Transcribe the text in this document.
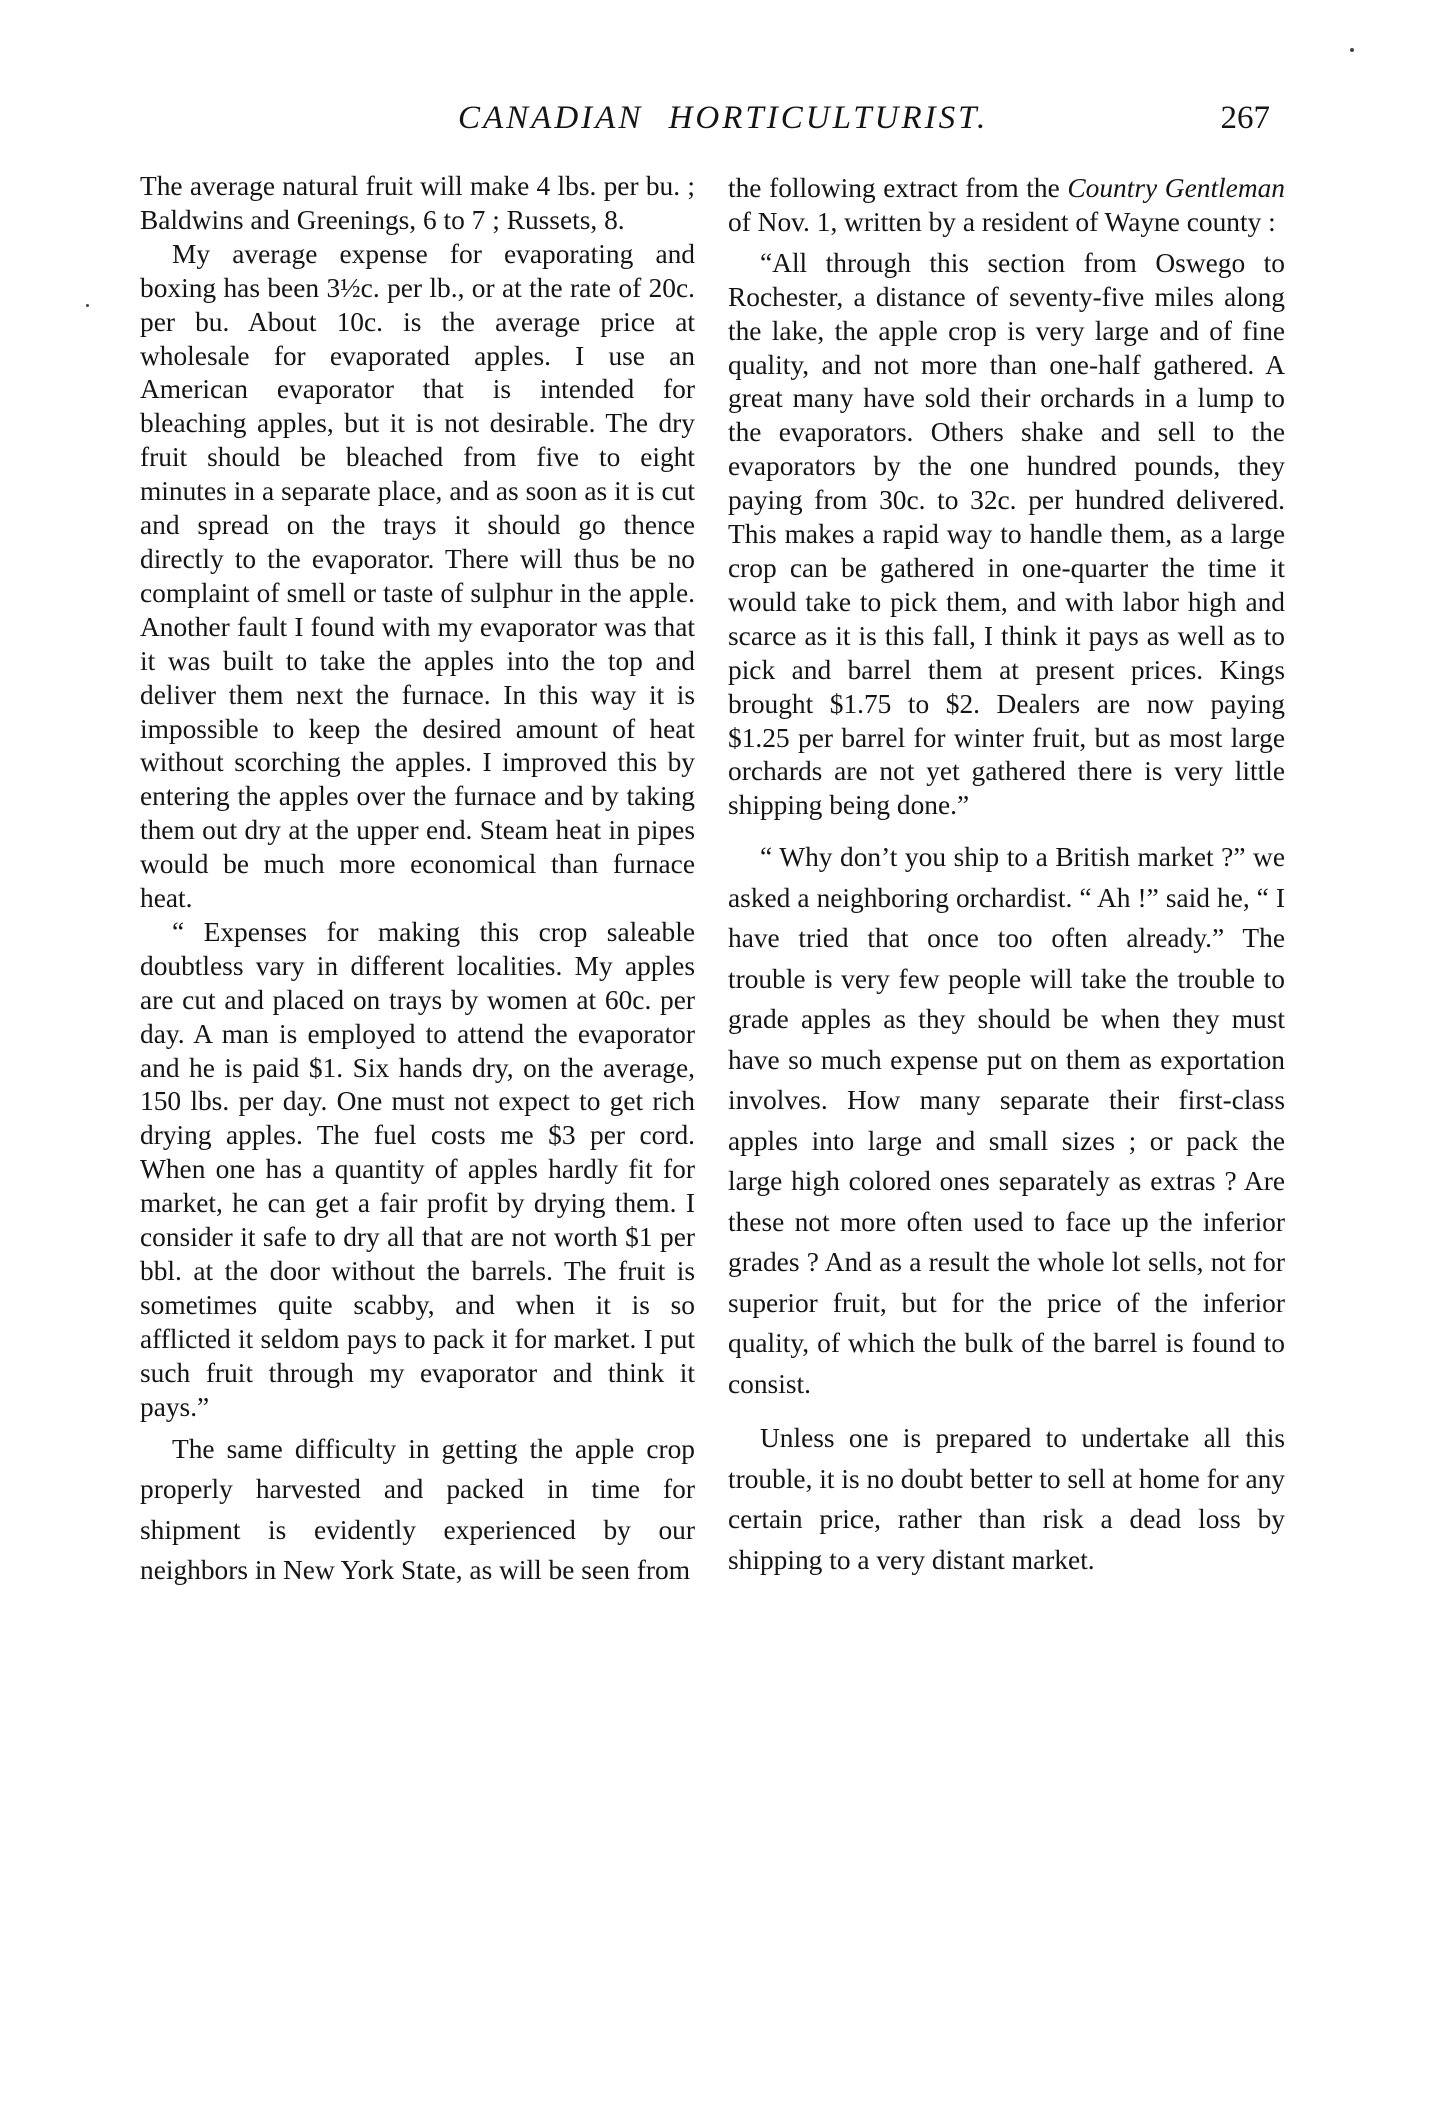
CANADIAN HORTICULTURIST.	267

The average natural fruit will make 4 lbs. per bu. ; Baldwins and Greenings, 6 to 7 ; Russets, 8.

My average expense for evaporating and boxing has been 3½c. per lb., or at the rate of 20c. per bu. About 10c. is the average price at wholesale for evaporated apples. I use an American evaporator that is intended for bleaching apples, but it is not desirable. The dry fruit should be bleached from five to eight minutes in a separate place, and as soon as it is cut and spread on the trays it should go thence directly to the evaporator. There will thus be no complaint of smell or taste of sulphur in the apple. Another fault I found with my evaporator was that it was built to take the apples into the top and deliver them next the furnace. In this way it is impossible to keep the desired amount of heat without scorching the apples. I improved this by entering the apples over the furnace and by taking them out dry at the upper end. Steam heat in pipes would be much more economical than furnace heat.

“ Expenses for making this crop saleable doubtless vary in different localities. My apples are cut and placed on trays by women at 60c. per day. A man is employed to attend the evaporator and he is paid $1. Six hands dry, on the average, 150 lbs. per day. One must not expect to get rich drying apples. The fuel costs me $3 per cord. When one has a quantity of apples hardly fit for market, he can get a fair profit by drying them. I consider it safe to dry all that are not worth $1 per bbl. at the door without the barrels. The fruit is sometimes quite scabby, and when it is so afflicted it seldom pays to pack it for market. I put such fruit through my evaporator and think it pays.”

The same difficulty in getting the apple crop properly harvested and packed in time for shipment is evidently experienced by our neighbors in New York State, as will be seen from

the following extract from the Country Gentleman of Nov. 1, written by a resident of Wayne county :

“All through this section from Oswego to Rochester, a distance of seventy-five miles along the lake, the apple crop is very large and of fine quality, and not more than one-half gathered. A great many have sold their orchards in a lump to the evaporators. Others shake and sell to the evaporators by the one hundred pounds, they paying from 30c. to 32c. per hundred delivered. This makes a rapid way to handle them, as a large crop can be gathered in one-quarter the time it would take to pick them, and with labor high and scarce as it is this fall, I think it pays as well as to pick and barrel them at present prices. Kings brought $1.75 to $2. Dealers are now paying $1.25 per barrel for winter fruit, but as most large orchards are not yet gathered there is very little shipping being done.”

“ Why don’t you ship to a British market ?” we asked a neighboring orchardist. “ Ah !” said he, “ I have tried that once too often already.” The trouble is very few people will take the trouble to grade apples as they should be when they must have so much expense put on them as exportation involves. How many separate their first-class apples into large and small sizes ; or pack the large high colored ones separately as extras ? Are these not more often used to face up the inferior grades ? And as a result the whole lot sells, not for superior fruit, but for the price of the inferior quality, of which the bulk of the barrel is found to consist.

Unless one is prepared to undertake all this trouble, it is no doubt better to sell at home for any certain price, rather than risk a dead loss by shipping to a very distant market.
